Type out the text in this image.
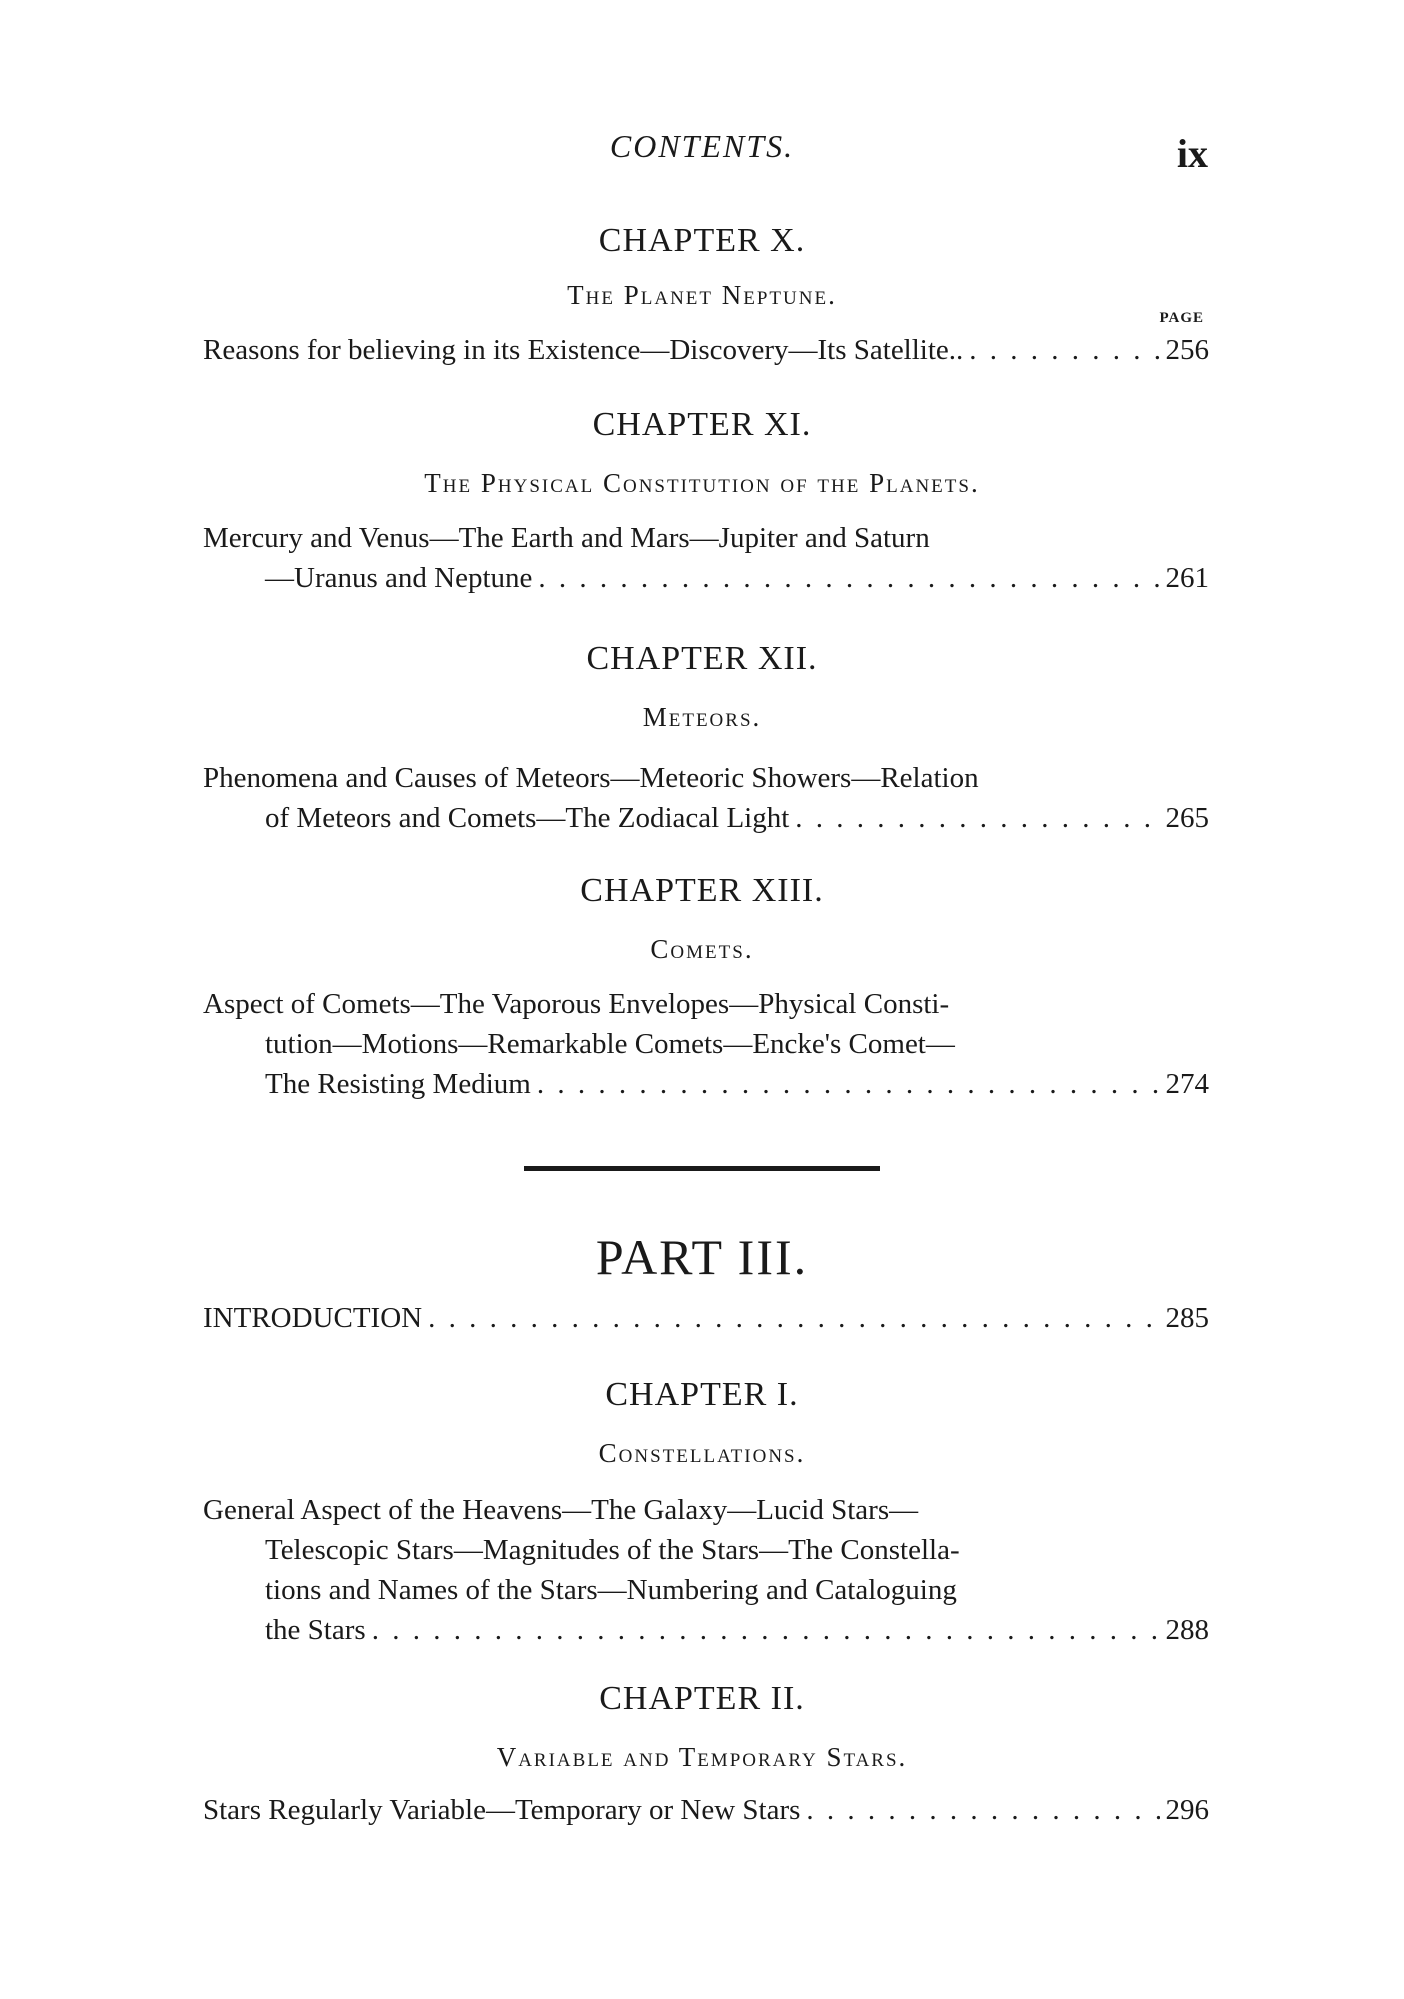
CONTENTS.	ix
CHAPTER X.
The Planet Neptune.
PAGE
Reasons for believing in its Existence—Discovery—Its Satellite.. . . .	256
CHAPTER XI.
The Physical Constitution of the Planets.
Mercury and Venus—The Earth and Mars—Jupiter and Saturn
—Uranus and Neptune . . .	261
CHAPTER XII.
Meteors.
Phenomena and Causes of Meteors—Meteoric Showers—Relation
of Meteors and Comets—The Zodiacal Light . . .	265
CHAPTER XIII.
Comets.
Aspect of Comets—The Vaporous Envelopes—Physical Consti-
tution—Motions—Remarkable Comets—Encke's Comet—
The Resisting Medium . . .	274
PART III.
INTRODUCTION . . .	285
CHAPTER I.
Constellations.
General Aspect of the Heavens—The Galaxy—Lucid Stars—
Telescopic Stars—Magnitudes of the Stars—The Constella-
tions and Names of the Stars—Numbering and Cataloguing
the Stars . . .	288
CHAPTER II.
Variable and Temporary Stars.
Stars Regularly Variable—Temporary or New Stars . . .	296
